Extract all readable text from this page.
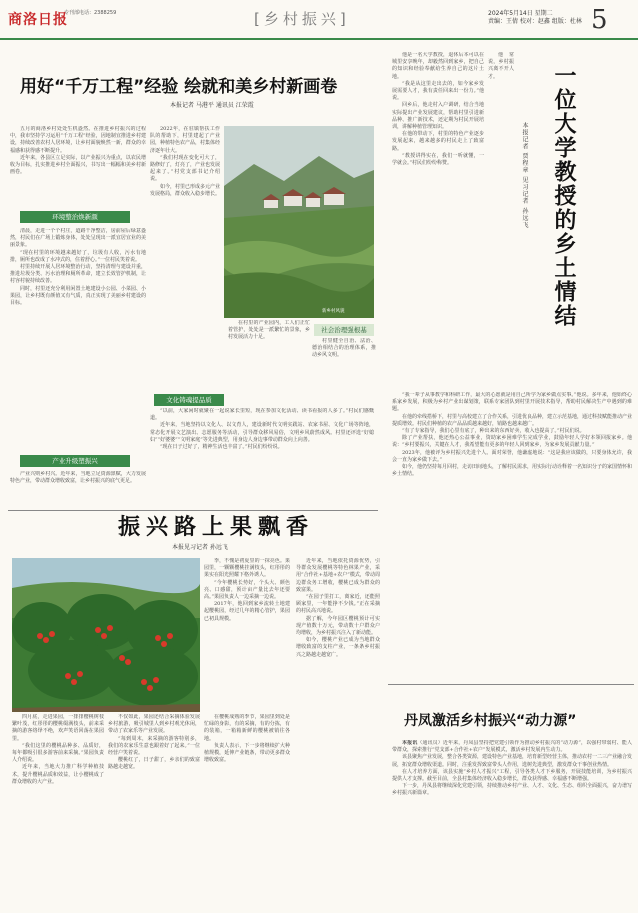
商洛日报
专刊部电话：2388259	[乡村振兴]	2024年5月14日 星期二
责编：王倩 校对：赵鑫 组版：杜林 5
用好“千万工程”经验 绘就和美乡村新画卷
本报记者 马港平 通讯员 江荣霞

五月的商洛乡村处处生机盎然。在推进乡村振兴的过程中，我市坚持学习运用“千万工程”经验，因地制宜推进乡村建设，持续改善农村人居环境，让乡村面貌焕然一新，群众的幸福感和获得感不断提升。

近年来，各县区立足实际，以产业振兴为重点，以农民增收为目标，扎实推进乡村全面振兴，书写出一幅幅和美乡村新画卷。

环境整治焕新颜

清晨，走进一个个村庄，道路干净整洁，房前屋后绿意盎然，村民们在广场上锻炼身体，处处呈现出一派宜居宜业的美丽景象。

“现在村里的环境越来越好了，垃圾有人收，污水有地排，厕所也改成了水冲式的，住着舒心。”一位村民笑着说。

村里持续开展人居环境整治行动，坚持清理与建设并重，推进垃圾分类、污水治理和厕所革命，建立长效管护机制，让村容村貌持续改善。

同时，村里还充分利用闲置土地建设小公园、小菜园、小果园，让乡村既有颜值又有气质，真正实现了美丽乡村建设的目标。

产业升级塑振兴

产业兴则乡村兴。近年来，当地立足资源禀赋，大力发展特色产业，带动群众增收致富，让乡村振兴的底气更足。

2022年，在驻镇帮扶工作队的帮助下，村里建起了产业园，种植特色农产品，村集体经济逐年壮大。

“我们村现在变化可大了，路修好了，灯亮了，产业也发展起来了。”村党支部书记介绍说。

如今，村里已形成多元产业发展格局，群众收入稳步增长。

新乡村风貌

在村里的产业园内，工人们正忙着管护，处处是一派繁忙的景象，乡村发展活力十足。

社会治理强根基

村里健全自治、法治、德治相结合的治理体系，推动乡风文明。

文化铸魂提品质

“以前，大家闲时就聚在一起说家长里短，现在参加文化活动、读书看报的人多了。”村民们感慨道。

近年来，当地坚持以文化人、以文育人，建设新时代文明实践站、农家书屋、文化广场等阵地，常态化开展文艺演出、志愿服务等活动，引导群众移风易俗，文明乡风蔚然成风。村里还评选“好媳妇”“好婆婆”“文明家庭”等先进典型，用身边人身边事带动群众向上向善。

“现在日子过好了，精神生活也丰富了。”村民们纷纷说。

振兴路上果飘香
本报见习记者 孙远飞

季，不愧是初夏里的一抹亮色。果园里，一颗颗樱桃挂满枝头，红彤彤的果实在阳光照耀下格外诱人。

“今年樱桃长势好，个头大、颜色亮、口感甜，预计亩产量比去年还要高。”果园负责人一边采摘一边说。

2017年，他回到家乡流转土地建起樱桃园，经过几年的精心管护，果园已初具规模。

近年来，当地依托资源优势，引导群众发展樱桃等特色林果产业，采用“合作社+基地+农户”模式，带动周边群众务工增收，樱桃已成为群众的致富果。

“在园子里打工，离家近，还能照顾家里，一年能挣不少钱。”正在采摘的村民高兴地说。

据了解，今年园区樱桃预计可实现产值数十万元，带动数十户群众户均增收，为乡村振兴注入了新动能。

如今，樱桃产业已成为当地群众增收致富的支柱产业，一条条乡村振兴之路越走越宽广。

四月底，走进果园，一排排樱桃树枝繁叶茂，红彤彤的樱桃缀满枝头，前来采摘的游客络绎不绝，欢声笑语回荡在果园里。

“我们这里的樱桃品种多、品质好，每年都吸引很多游客前来采摘。”果园负责人介绍说。

近年来，当地大力推广科学种植技术，提升樱桃品质和效益，让小樱桃成了群众增收的大产业。

不仅如此，果园还结合采摘体验发展乡村旅游，吸引城里人到乡村观光休闲，带动了农家乐等产业发展。

“每到周末，来采摘的游客特别多，我们的农家乐生意也跟着好了起来。”一位经营户笑着说。

樱桃红了，日子甜了，乡亲们的致富路越走越宽。

在樱桃成熟的季节，果园里到处是忙碌的身影，有的采摘，有的分拣，有的装箱，一箱箱新鲜的樱桃被销往各地。

负责人表示，下一步将继续扩大种植规模，延伸产业链条，带动更多群众增收致富。

他是一名大学教授，退休后本可以在城里安享晚年，却毅然回到家乡，把自己的知识和经验奉献给生养自己的这片土地。

“我是从这里走出去的，如今家乡发展需要人才，我有责任回来出一份力。”他说。

回乡后，他走村入户调研，结合当地实际提出产业发展建议，帮助村里引进新品种、推广新技术，还定期为村民开展培训，讲解种植管理知识。

在他的带动下，村里的特色产业逐步发展起来，越来越多的村民走上了致富路。

“教授讲得实在，我们一听就懂，一学就会。”村民们纷纷称赞。	一位大学教授的乡土情结
本报记者 贾程章 见习记者 孙远飞

他常说，乡村振兴离不开人才。

“我一辈子从事教学和科研工作，最大的心愿就是用自己所学为家乡做点实事。”他说。多年来，他始终心系家乡发展，积极为乡村产业出谋划策，联系专家团队到村里开展技术指导，帮助村民解决生产中遇到的难题。

在他的牵线搭桥下，村里与高校建立了合作关系，引进优良品种，建立示范基地，通过科技赋能推动产业提质增效。村民们种植的农产品品质越来越好，销路也越来越广。

“有了专家指导，我们心里有底了，种出来的东西好卖，收入也提高了。”村民们说。

除了产业帮扶，他还热心公益事业，资助家乡困难学生完成学业，鼓励年轻人学好本领回报家乡。他说：“乡村要振兴，关键在人才，我希望能有更多的年轻人回到家乡，为家乡发展贡献力量。”

2023年，他被评为乡村振兴先进个人。面对荣誉，他谦虚地说：“这是我应该做的，只要身体允许，我会一直为家乡做下去。”

如今，他仍坚持每月回村，走访田间地头，了解村民需求，用实际行动诠释着一名知识分子的家国情怀和乡土情结。

丹凤激活乡村振兴“动力源”

本报讯（通讯员）近年来，丹凤县坚持把党建引领作为推动乡村振兴的“动力源”，以强村带弱村、能人带群众，探索推行“党支部+合作社+农户”发展模式，激活乡村发展内生动力。

该县聚焦产业发展，整合各类资源，建设特色产业基地，培育新型经营主体，推动农村一二三产业融合发展，拓宽群众增收渠道。同时，注重发挥致富带头人作用，选树先进典型，激发群众干事创业热情。

在人才培养方面，该县实施“乡村人才振兴”工程，引导各类人才下乡服务，开展技能培训，为乡村振兴提供人才支撑。截至目前，全县村集体经济收入稳步增长，群众获得感、幸福感不断增强。

下一步，丹凤县将继续深化党建引领，持续推动乡村产业、人才、文化、生态、组织全面振兴，奋力谱写乡村振兴新篇章。
